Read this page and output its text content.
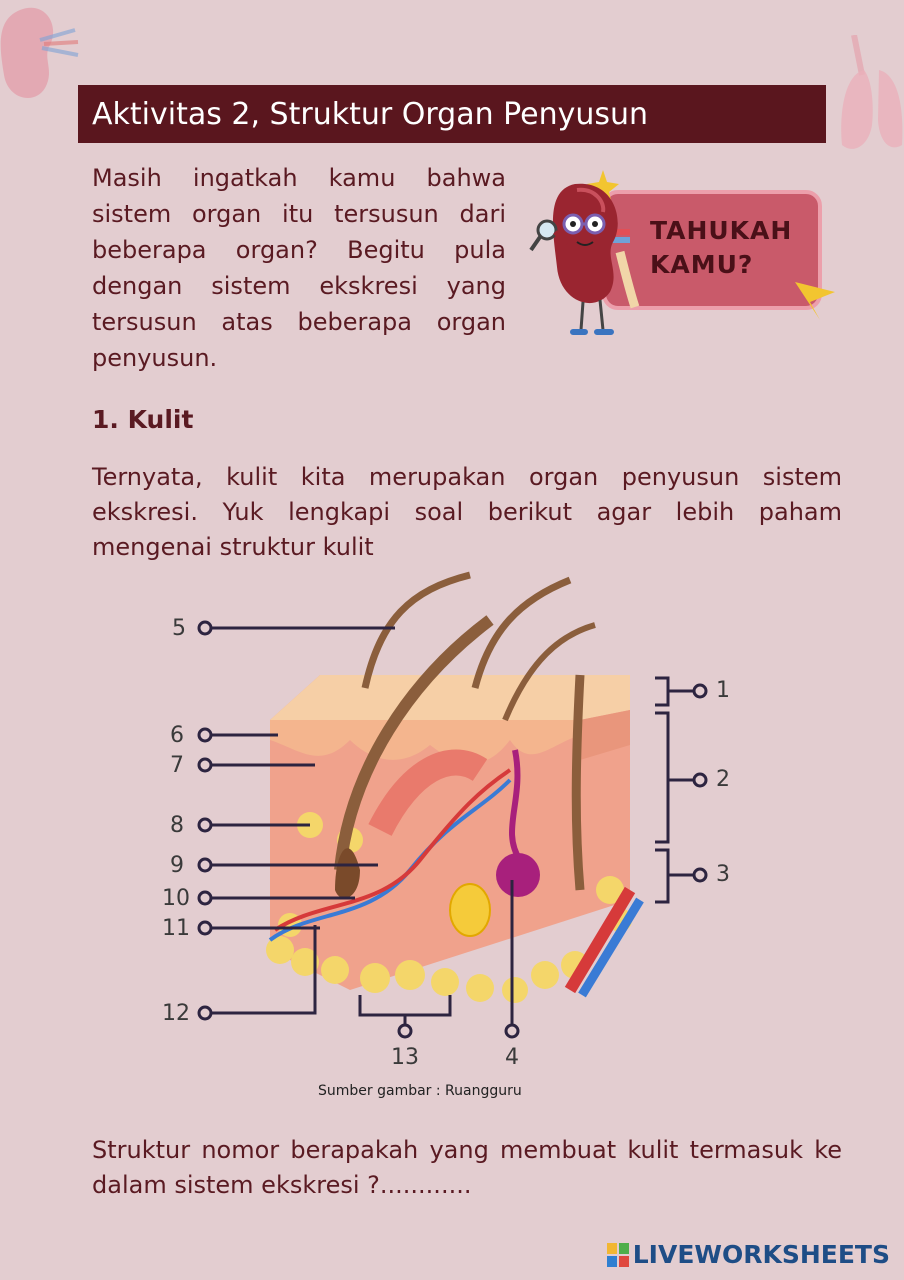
Aktivitas 2, Struktur Organ Penyusun
Masih ingatkah kamu bahwa sistem organ itu tersusun dari beberapa organ? Begitu pula dengan sistem ekskresi yang tersusun atas beberapa organ penyusun.
TAHUKAH
KAMU?
1. Kulit
Ternyata, kulit kita merupakan organ penyusun sistem ekskresi. Yuk lengkapi soal berikut agar lebih paham mengenai struktur kulit
5
6
7
8
9
10
11
12
13	4
1
2
3
Sumber gambar : Ruangguru
Struktur nomor berapakah yang membuat kulit termasuk ke dalam sistem ekskresi ?............
LIVEWORKSHEETS
